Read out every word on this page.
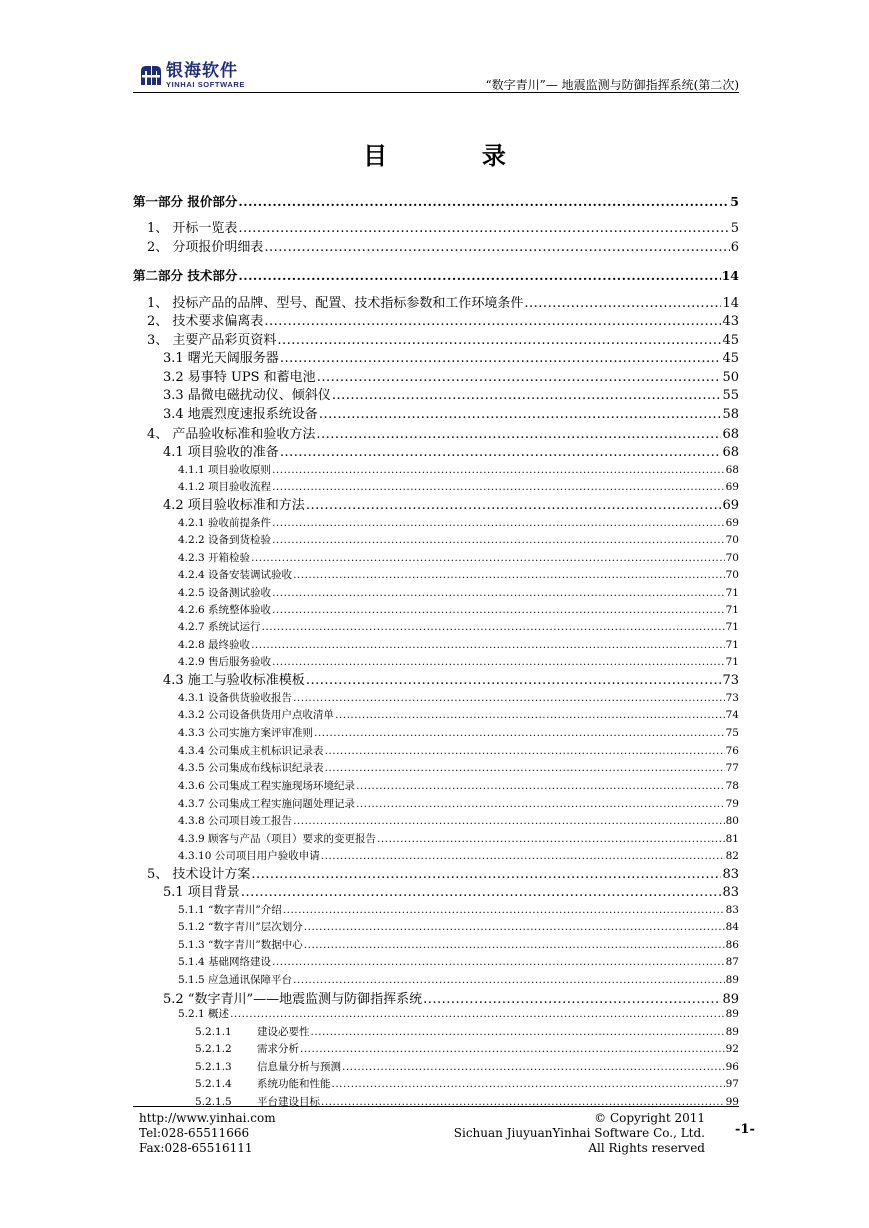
银海软件
YINHAI SOFTWARE	“数字青川”— 地震监测与防御指挥系统(第二次)
目	录
第一部分 报价部分 .....	5
1、 开标一览表 .....	5
2、 分项报价明细表 .....	6
第二部分 技术部分 .....	14
1、 投标产品的品牌、型号、配置、技术指标参数和工作环境条件 .....	14
2、 技术要求偏离表 .....	43
3、 主要产品彩页资料 .....	45
3.1 曙光天阔服务器 .....	45
3.2 易事特 UPS 和蓄电池 .....	50
3.3 晶微电磁扰动仪、倾斜仪 .....	55
3.4 地震烈度速报系统设备 .....	58
4、 产品验收标准和验收方法 .....	68
4.1 项目验收的准备 .....	68
4.1.1 项目验收原则 .....	68
4.1.2 项目验收流程 .....	69
4.2 项目验收标准和方法 .....	69
4.2.1 验收前提条件 .....	69
4.2.2 设备到货检验 .....	70
4.2.3 开箱检验 .....	70
4.2.4 设备安装调试验收 .....	70
4.2.5 设备测试验收 .....	71
4.2.6 系统整体验收 .....	71
4.2.7 系统试运行 .....	71
4.2.8 最终验收 .....	71
4.2.9 售后服务验收 .....	71
4.3 施工与验收标准模板 .....	73
4.3.1 设备供货验收报告 .....	73
4.3.2 公司设备供货用户点收清单 .....	74
4.3.3 公司实施方案评审准则 .....	75
4.3.4 公司集成主机标识记录表 .....	76
4.3.5 公司集成布线标识纪录表 .....	77
4.3.6 公司集成工程实施现场环境纪录 .....	78
4.3.7 公司集成工程实施问题处理记录 .....	79
4.3.8 公司项目竣工报告 .....	80
4.3.9 顾客与产品（项目）要求的变更报告 .....	81
4.3.10 公司项目用户验收申请 .....	82
5、 技术设计方案 .....	83
5.1 项目背景 .....	83
5.1.1 “数字青川”介绍 .....	83
5.1.2 “数字青川”层次划分 .....	84
5.1.3 “数字青川”数据中心 .....	86
5.1.4 基础网络建设 .....	87
5.1.5 应急通讯保障平台 .....	89
5.2 “数字青川”——地震监测与防御指挥系统 .....	89
5.2.1 概述 .....	89
5.2.1.1 建设必要性 .....	89
5.2.1.2 需求分析 .....	92
5.2.1.3 信息量分析与预测 .....	96
5.2.1.4 系统功能和性能 .....	97
5.2.1.5 平台建设目标 .....	99
http://www.yinhai.com
Tel:028-65511666
Fax:028-65516111
© Copyright 2011
Sichuan JiuyuanYinhai Software Co., Ltd.
All Rights reserved
-1-
